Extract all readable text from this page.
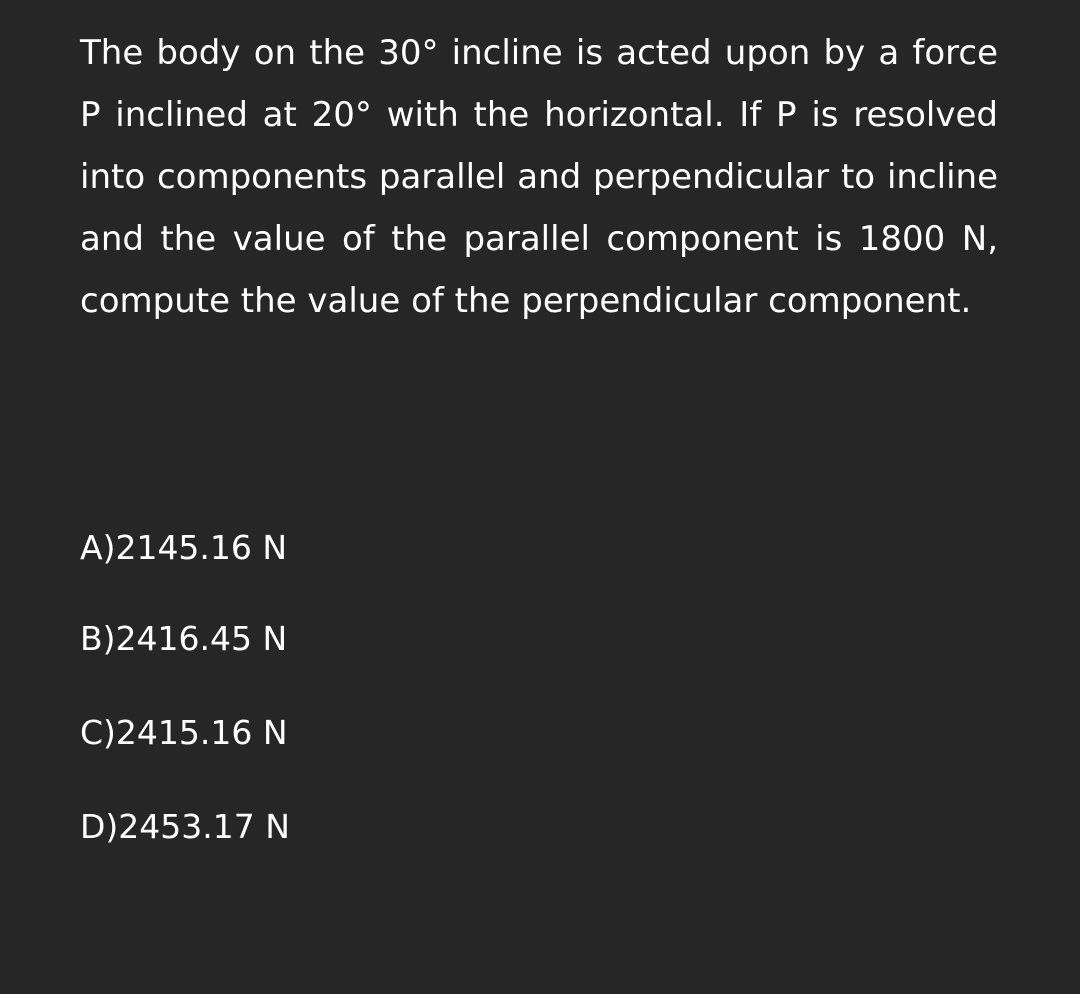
The body on the 30° incline is acted upon by a force P inclined at 20° with the horizontal. If P is resolved into components parallel and perpendicular to incline and the value of the parallel component is 1800 N, compute the value of the perpendicular component.

A)2145.16 N
B)2416.45 N
C)2415.16 N
D)2453.17 N
